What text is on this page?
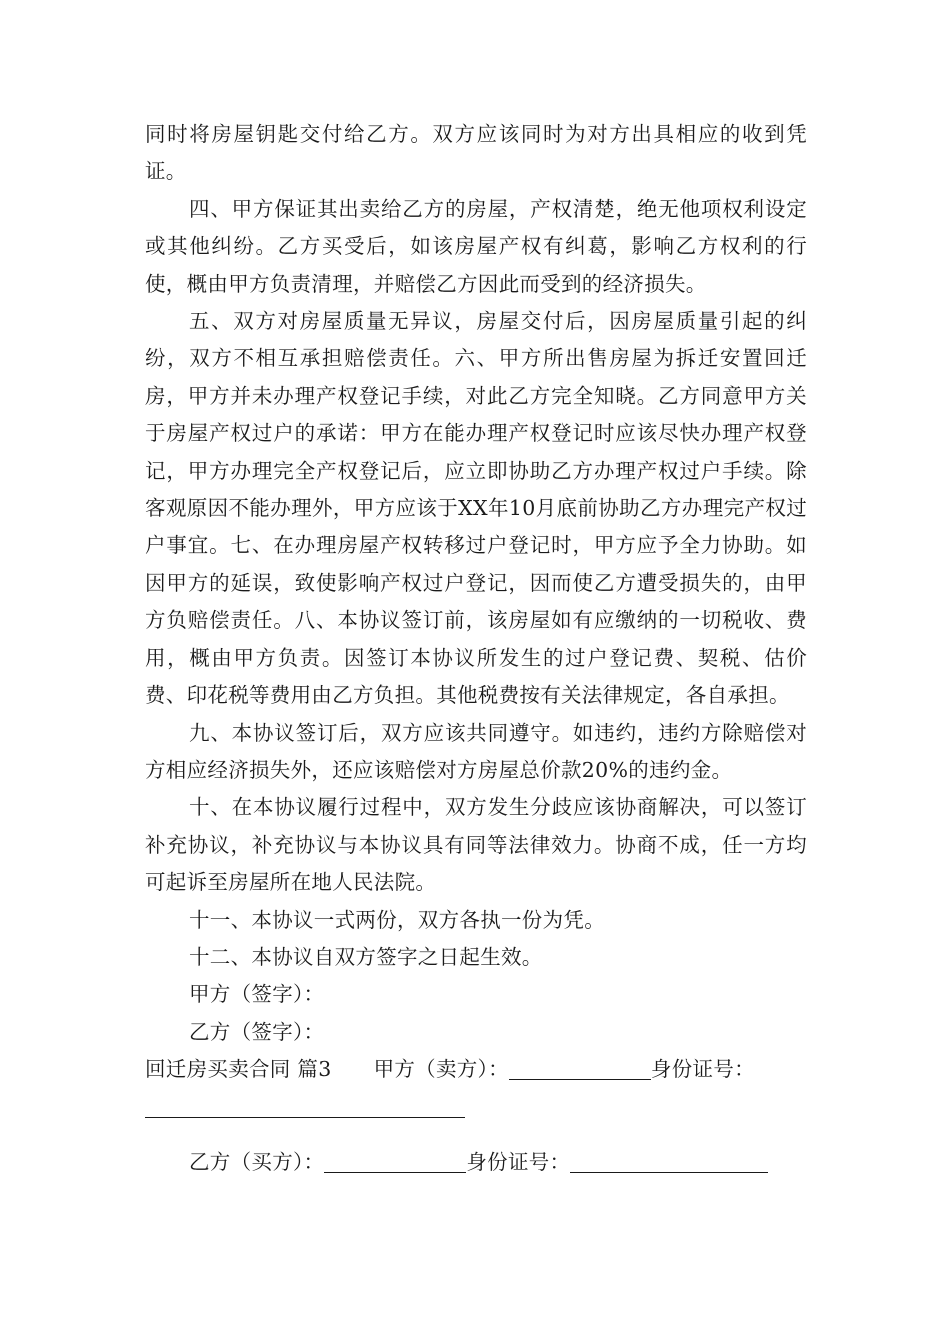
同时将房屋钥匙交付给乙方。双方应该同时为对方出具相应的收到凭证。

四、甲方保证其出卖给乙方的房屋，产权清楚，绝无他项权利设定或其他纠纷。乙方买受后，如该房屋产权有纠葛，影响乙方权利的行使，概由甲方负责清理，并赔偿乙方因此而受到的经济损失。

五、双方对房屋质量无异议，房屋交付后，因房屋质量引起的纠纷，双方不相互承担赔偿责任。六、甲方所出售房屋为拆迁安置回迁房，甲方并未办理产权登记手续，对此乙方完全知晓。乙方同意甲方关于房屋产权过户的承诺：甲方在能办理产权登记时应该尽快办理产权登记，甲方办理完全产权登记后，应立即协助乙方办理产权过户手续。除客观原因不能办理外，甲方应该于XX年10月底前协助乙方办理完产权过户事宜。七、在办理房屋产权转移过户登记时，甲方应予全力协助。如因甲方的延误，致使影响产权过户登记，因而使乙方遭受损失的，由甲方负赔偿责任。八、本协议签订前，该房屋如有应缴纳的一切税收、费用，概由甲方负责。因签订本协议所发生的过户登记费、契税、估价费、印花税等费用由乙方负担。其他税费按有关法律规定，各自承担。

九、本协议签订后，双方应该共同遵守。如违约，违约方除赔偿对方相应经济损失外，还应该赔偿对方房屋总价款20%的违约金。

十、在本协议履行过程中，双方发生分歧应该协商解决，可以签订补充协议，补充协议与本协议具有同等法律效力。协商不成，任一方均可起诉至房屋所在地人民法院。

十一、本协议一式两份，双方各执一份为凭。

十二、本协议自双方签字之日起生效。

甲方（签字）：

乙方（签字）：

回迁房买卖合同 篇3 甲方（卖方）：	身份证号：

乙方（买方）：	身份证号：
